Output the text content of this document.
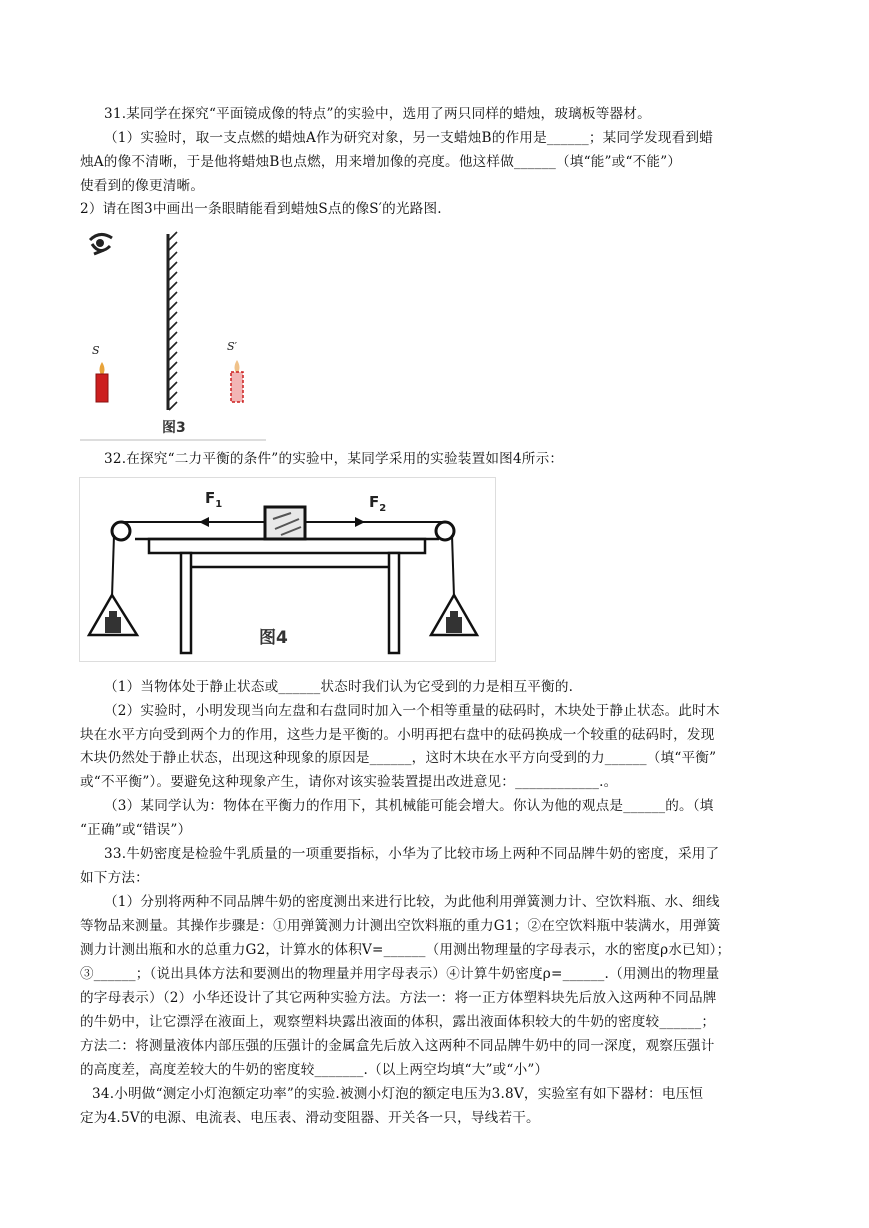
31.某同学在探究“平面镜成像的特点”的实验中，选用了两只同样的蜡烛，玻璃板等器材。
（1）实验时，取一支点燃的蜡烛A作为研究对象，另一支蜡烛B的作用是______；某同学发现看到蜡
烛A的像不清晰，于是他将蜡烛B也点燃，用来增加像的亮度。他这样做______（填“能”或“不能”）
使看到的像更清晰。
2）请在图3中画出一条眼睛能看到蜡烛S点的像S′的光路图.
S	S′
图3
32.在探究“二力平衡的条件”的实验中，某同学采用的实验装置如图4所示：
$F_1$	$F_2$
图4
（1）当物体处于静止状态或______状态时我们认为它受到的力是相互平衡的.
（2）实验时，小明发现当向左盘和右盘同时加入一个相等重量的砝码时，木块处于静止状态。此时木
块在水平方向受到两个力的作用，这些力是平衡的。小明再把右盘中的砝码换成一个较重的砝码时，发现
木块仍然处于静止状态，出现这种现象的原因是______，这时木块在水平方向受到的力______（填“平衡”
或“不平衡”）。要避免这种现象产生，请你对该实验装置提出改进意见：____________.。
（3）某同学认为：物体在平衡力的作用下，其机械能可能会增大。你认为他的观点是______的。（填
“正确”或“错误”）
33.牛奶密度是检验牛乳质量的一项重要指标，小华为了比较市场上两种不同品牌牛奶的密度，采用了
如下方法：
（1）分别将两种不同品牌牛奶的密度测出来进行比较，为此他利用弹簧测力计、空饮料瓶、水、细线
等物品来测量。其操作步骤是：①用弹簧测力计测出空饮料瓶的重力G1；②在空饮料瓶中装满水，用弹簧
测力计测出瓶和水的总重力G2，计算水的体积V=______（用测出物理量的字母表示，水的密度ρ水已知）；
③______；（说出具体方法和要测出的物理量并用字母表示）④计算牛奶密度ρ=______.（用测出的物理量
的字母表示）（2）小华还设计了其它两种实验方法。方法一：将一正方体塑料块先后放入这两种不同品牌
的牛奶中，让它漂浮在液面上，观察塑料块露出液面的体积，露出液面体积较大的牛奶的密度较______；
方法二：将测量液体内部压强的压强计的金属盒先后放入这两种不同品牌牛奶中的同一深度，观察压强计
的高度差，高度差较大的牛奶的密度较_______.（以上两空均填“大”或“小”）
34.小明做“测定小灯泡额定功率”的实验.被测小灯泡的额定电压为3.8V，实验室有如下器材：电压恒
定为4.5V的电源、电流表、电压表、滑动变阻器、开关各一只，导线若干。
